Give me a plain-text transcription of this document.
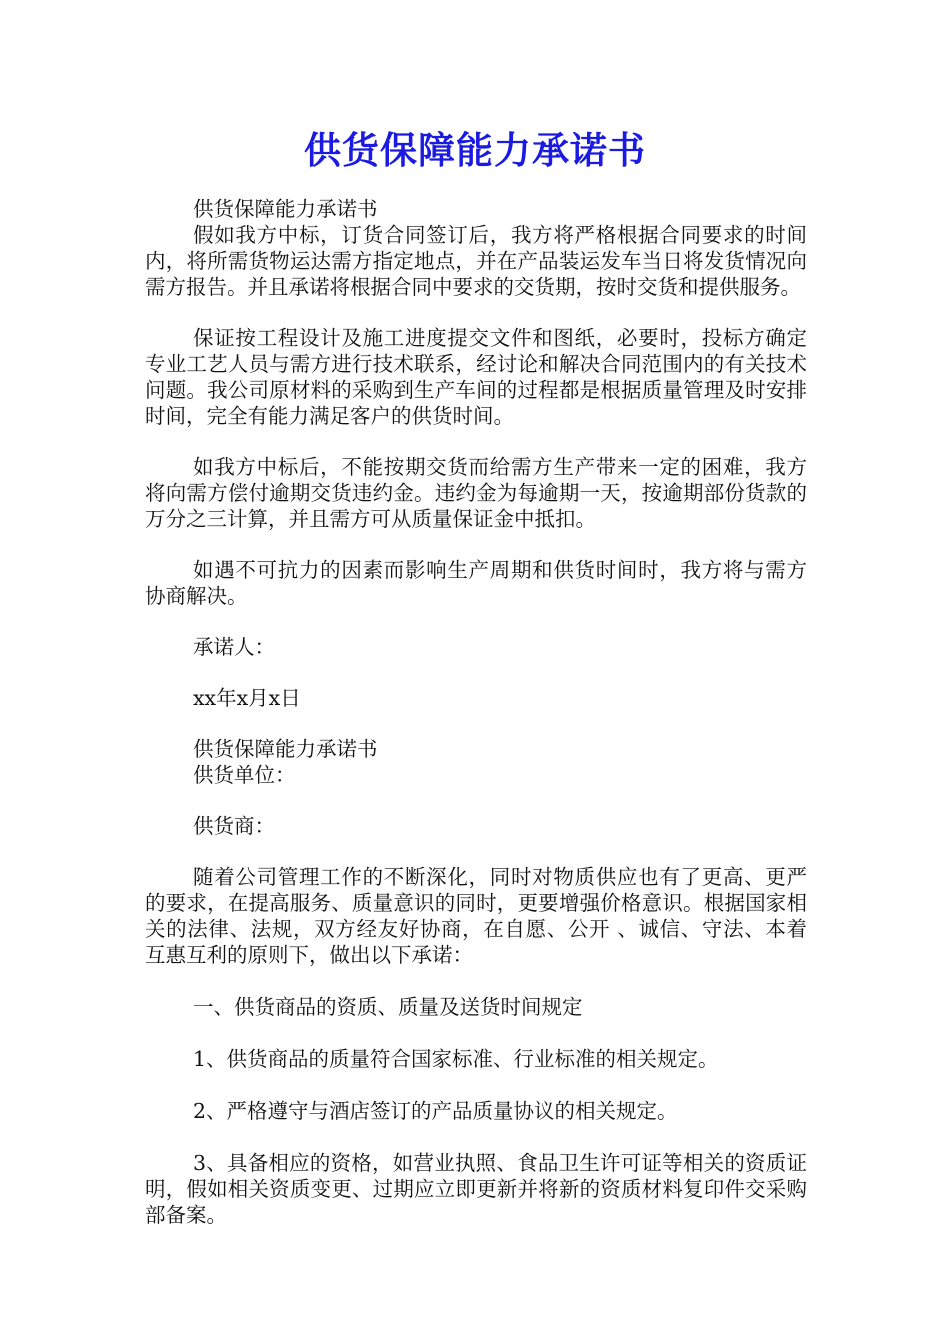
供货保障能力承诺书

供货保障能力承诺书

假如我方中标，订货合同签订后，我方将严格根据合同要求的时间内，将所需货物运达需方指定地点，并在产品装运发车当日将发货情况向需方报告。并且承诺将根据合同中要求的交货期，按时交货和提供服务。

保证按工程设计及施工进度提交文件和图纸，必要时，投标方确定专业工艺人员与需方进行技术联系，经讨论和解决合同范围内的有关技术问题。我公司原材料的采购到生产车间的过程都是根据质量管理及时安排时间，完全有能力满足客户的供货时间。

如我方中标后，不能按期交货而给需方生产带来一定的困难，我方将向需方偿付逾期交货违约金。违约金为每逾期一天，按逾期部份货款的万分之三计算，并且需方可从质量保证金中抵扣。

如遇不可抗力的因素而影响生产周期和供货时间时，我方将与需方协商解决。

承诺人：

xx年x月x日

供货保障能力承诺书

供货单位：

供货商：

随着公司管理工作的不断深化，同时对物质供应也有了更高、更严的要求，在提高服务、质量意识的同时，更要增强价格意识。根据国家相关的法律、法规，双方经友好协商，在自愿、公开 、诚信、守法、本着互惠互利的原则下，做出以下承诺：

一、供货商品的资质、质量及送货时间规定

1、供货商品的质量符合国家标准、行业标准的相关规定。

2、严格遵守与酒店签订的产品质量协议的相关规定。

3、具备相应的资格，如营业执照、食品卫生许可证等相关的资质证明，假如相关资质变更、过期应立即更新并将新的资质材料复印件交采购部备案。
